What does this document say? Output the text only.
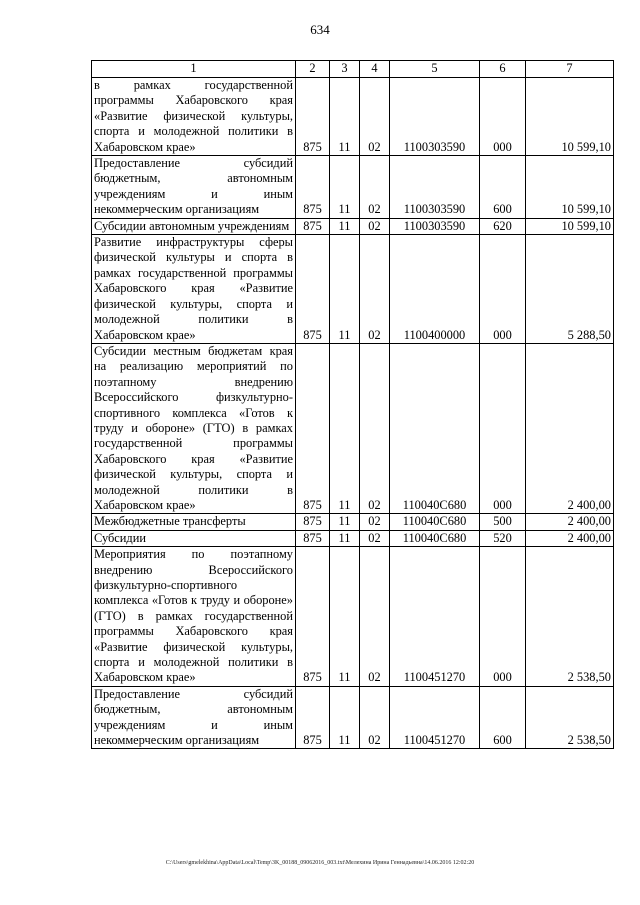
634
1	2	3	4	5	6	7
в рамках государственной программы Хабаровского края «Развитие физической культуры, спорта и молодежной политики в Хабаровском крае»	875	11	02	1100303590	000	10 599,10
Предоставление субсидий бюджетным, автономным учреждениям и иным некоммерческим организациям	875	11	02	1100303590	600	10 599,10
Субсидии автономным учреждениям	875	11	02	1100303590	620	10 599,10
Развитие инфраструктуры сферы физической культуры и спорта в рамках государственной программы Хабаровского края «Развитие физической культуры, спорта и молодежной политики в Хабаровском крае»	875	11	02	1100400000	000	5 288,50
Субсидии местным бюджетам края на реализацию мероприятий по поэтапному внедрению Всероссийского физкультурно-спортивного комплекса «Готов к труду и обороне» (ГТО) в рамках государственной программы Хабаровского края «Развитие физической культуры, спорта и молодежной политики в Хабаровском крае»	875	11	02	110040С680	000	2 400,00
Межбюджетные трансферты	875	11	02	110040С680	500	2 400,00
Субсидии	875	11	02	110040С680	520	2 400,00
Мероприятия по поэтапному внедрению Всероссийского физкультурно-спортивного комплекса «Готов к труду и обороне» (ГТО) в рамках государственной программы Хабаровского края «Развитие физической культуры, спорта и молодежной политики в Хабаровском крае»	875	11	02	1100451270	000	2 538,50
Предоставление субсидий бюджетным, автономным учреждениям и иным некоммерческим организациям	875	11	02	1100451270	600	2 538,50
C:\Users\gmelekhina\AppData\Local\Temp\3K_00188_09062016_003.txt\Мелехина Ирина Геннадьевна\14.06.2016 12:02:20
